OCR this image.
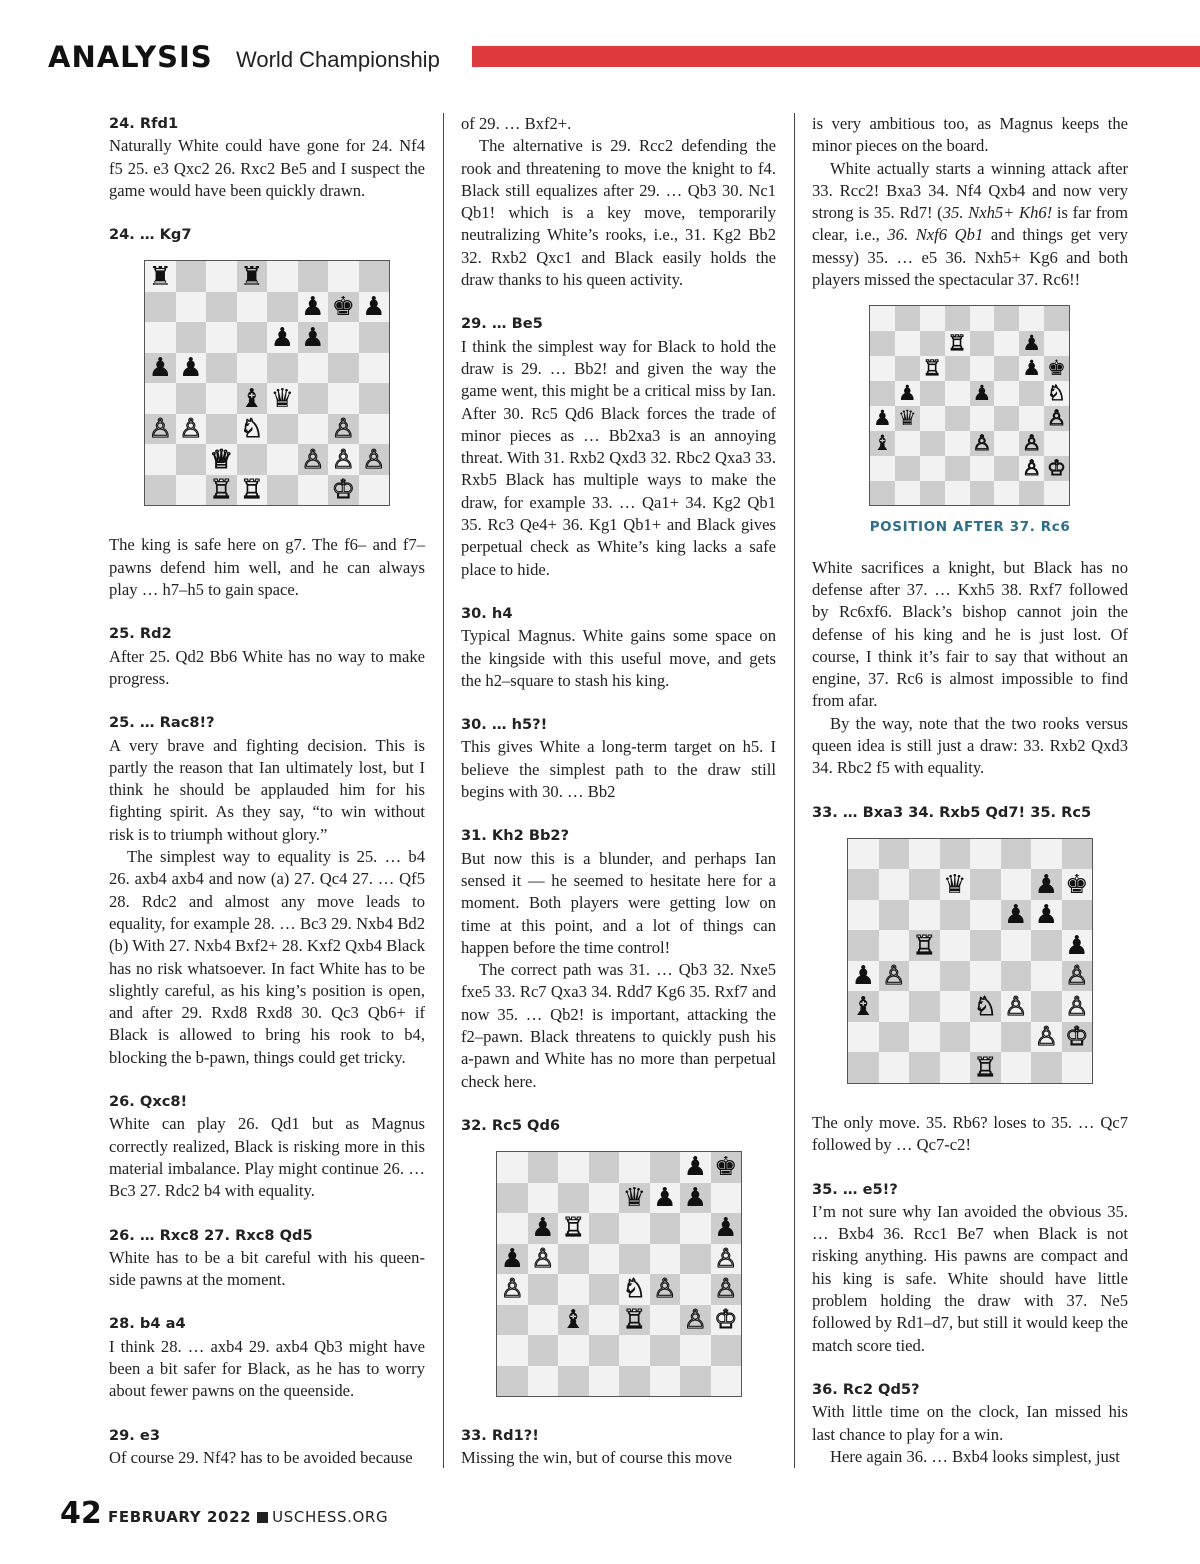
ANALYSIS World Championship
24. Rfd1

Naturally White could have gone for 24. Nf4 f5 25. e3 Qxc2 26. Rxc2 Be5 and I suspect the game would have been quickly drawn.

24. … Kg7
♜	♜
♟ ♚ ♟
♟ ♟
♟ ♟
♝ ♛
♙ ♙ ♘	♙
♕	♙ ♙ ♙
♖ ♖	♔

The king is safe here on g7. The f6– and f7–pawns defend him well, and he can always play … h7–h5 to gain space.

25. Rd2

After 25. Qd2 Bb6 White has no way to make progress.

25. … Rac8!?

A very brave and fighting decision. This is partly the reason that Ian ultimately lost, but I think he should be applauded him for his fighting spirit. As they say, “to win without risk is to triumph without glory.”

The simplest way to equality is 25. … b4 26. axb4 axb4 and now (a) 27. Qc4 27. … Qf5 28. Rdc2 and almost any move leads to equality, for example 28. … Bc3 29. Nxb4 Bd2 (b) With 27. Nxb4 Bxf2+ 28. Kxf2 Qxb4 Black has no risk whatsoever. In fact White has to be slightly careful, as his king’s position is open, and after 29. Rxd8 Rxd8 30. Qc3 Qb6+ if Black is allowed to bring his rook to b4, blocking the b-pawn, things could get tricky.

26. Qxc8!

White can play 26. Qd1 but as Magnus correctly realized, Black is risking more in this material imbalance. Play might continue 26. … Bc3 27. Rdc2 b4 with equality.

26. … Rxc8 27. Rxc8 Qd5

White has to be a bit careful with his queen-side pawns at the moment.

28. b4 a4

I think 28. … axb4 29. axb4 Qb3 might have been a bit safer for Black, as he has to worry about fewer pawns on the queenside.

29. e3

Of course 29. Nf4? has to be avoided because

of 29. … Bxf2+.

The alternative is 29. Rcc2 defending the rook and threatening to move the knight to f4. Black still equalizes after 29. … Qb3 30. Nc1 Qb1! which is a key move, temporarily neutralizing White’s rooks, i.e., 31. Kg2 Bb2 32. Rxb2 Qxc1 and Black easily holds the draw thanks to his queen activity.

29. … Be5

I think the simplest way for Black to hold the draw is 29. … Bb2! and given the way the game went, this might be a critical miss by Ian. After 30. Rc5 Qd6 Black forces the trade of minor pieces as … Bb2xa3 is an annoying threat. With 31. Rxb2 Qxd3 32. Rbc2 Qxa3 33. Rxb5 Black has multiple ways to make the draw, for example 33. … Qa1+ 34. Kg2 Qb1 35. Rc3 Qe4+ 36. Kg1 Qb1+ and Black gives perpetual check as White’s king lacks a safe place to hide.

30. h4

Typical Magnus. White gains some space on the kingside with this useful move, and gets the h2–square to stash his king.

30. … h5?!

This gives White a long-term target on h5. I believe the simplest path to the draw still begins with 30. … Bb2

31. Kh2 Bb2?

But now this is a blunder, and perhaps Ian sensed it — he seemed to hesitate here for a moment. Both players were getting low on time at this point, and a lot of things can happen before the time control!

The correct path was 31. … Qb3 32. Nxe5 fxe5 33. Rc7 Qxa3 34. Rdd7 Kg6 35. Rxf7 and now 35. … Qb2! is important, attacking the f2–pawn. Black threatens to quickly push his a-pawn and White has no more than perpetual check here.

32. Rc5 Qd6
♟ ♚
♛ ♟ ♟
♟ ♖	♟
♟ ♙	♙
♙	♘ ♙ ♙
♝ ♖ ♙ ♔
33. Rd1?!

Missing the win, but of course this move

is very ambitious too, as Magnus keeps the minor pieces on the board.

White actually starts a winning attack after 33. Rcc2! Bxa3 34. Nf4 Qxb4 and now very strong is 35. Rd7! (35. Nxh5+ Kh6! is far from clear, i.e., 36. Nxf6 Qb1 and things get very messy) 35. … e5 36. Nxh5+ Kg6 and both players missed the spectacular 37. Rc6!!

♖	♟
♖	♟ ♚
♟	♟	♘
♟ ♛	♙
♝	♙ ♙
♙ ♔
POSITION AFTER 37. Rc6

White sacrifices a knight, but Black has no defense after 37. … Kxh5 38. Rxf7 followed by Rc6xf6. Black’s bishop cannot join the defense of his king and he is just lost. Of course, I think it’s fair to say that without an engine, 37. Rc6 is almost impossible to find from afar.

By the way, note that the two rooks versus queen idea is still just a draw: 33. Rxb2 Qxd3 34. Rbc2 f5 with equality.

33. … Bxa3 34. Rxb5 Qd7! 35. Rc5
♛	♟ ♚
♟ ♟
♖	♟
♟ ♙	♙
♝	♘ ♙ ♙
♙ ♔
♖

The only move. 35. Rb6? loses to 35. … Qc7 followed by … Qc7-c2!

35. … e5!?

I’m not sure why Ian avoided the obvious 35. … Bxb4 36. Rcc1 Be7 when Black is not risking anything. His pawns are compact and his king is safe. White should have little problem holding the draw with 37. Ne5 followed by Rd1–d7, but still it would keep the match score tied.

36. Rc2 Qd5?

With little time on the clock, Ian missed his last chance to play for a win.

Here again 36. … Bxb4 looks simplest, just

42 FEBRUARY 2022 USCHESS.ORG
